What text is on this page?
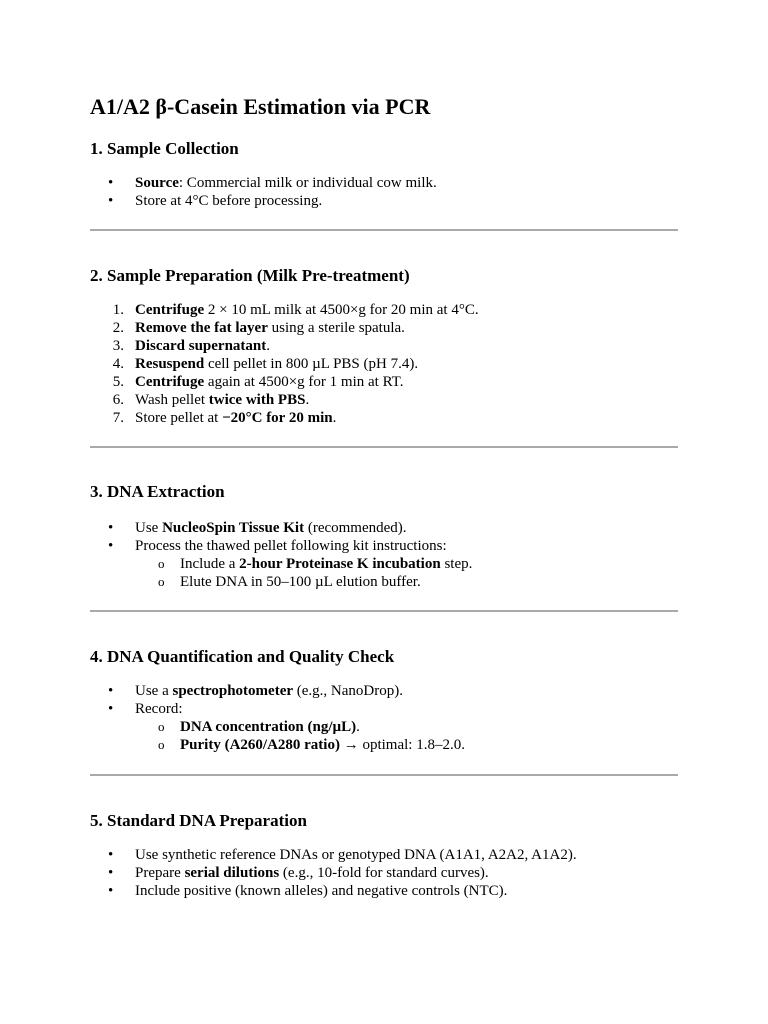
A1/A2 β-Casein Estimation via PCR
1. Sample Collection
• Source: Commercial milk or individual cow milk.
• Store at 4°C before processing.
2. Sample Preparation (Milk Pre-treatment)
1. Centrifuge 2 × 10 mL milk at 4500×g for 20 min at 4°C.
2. Remove the fat layer using a sterile spatula.
3. Discard supernatant.
4. Resuspend cell pellet in 800 µL PBS (pH 7.4).
5. Centrifuge again at 4500×g for 1 min at RT.
6. Wash pellet twice with PBS.
7. Store pellet at −20°C for 20 min.
3. DNA Extraction
• Use NucleoSpin Tissue Kit (recommended).
• Process the thawed pellet following kit instructions:
o Include a 2-hour Proteinase K incubation step.
o Elute DNA in 50–100 µL elution buffer.
4. DNA Quantification and Quality Check
• Use a spectrophotometer (e.g., NanoDrop).
• Record:
o DNA concentration (ng/µL).
o Purity (A260/A280 ratio) → optimal: 1.8–2.0.
5. Standard DNA Preparation
• Use synthetic reference DNAs or genotyped DNA (A1A1, A2A2, A1A2).
• Prepare serial dilutions (e.g., 10-fold for standard curves).
• Include positive (known alleles) and negative controls (NTC).
